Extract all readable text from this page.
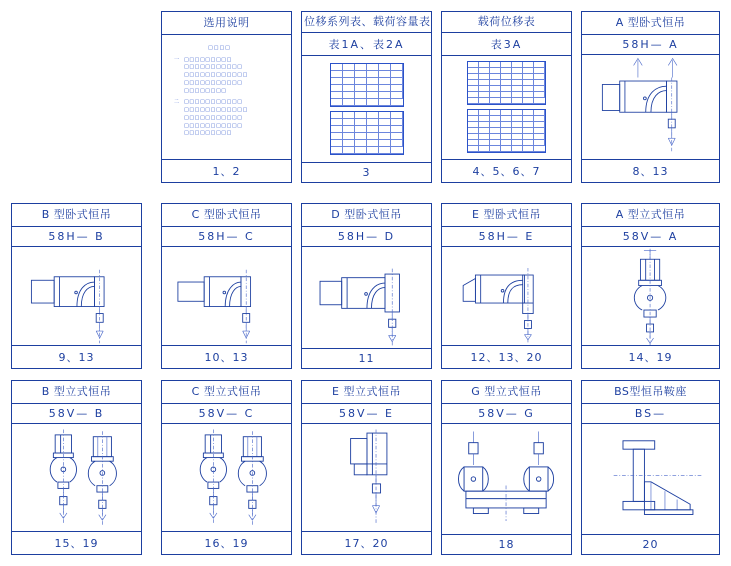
选用说明
□□□□
一 □□□□□□□□□
□□□□□□□□□□□
□□□□□□□□□□□□
□□□□□□□□□□□
□□□□□□□□
二 □□□□□□□□□□□
□□□□□□□□□□□□
□□□□□□□□□□□
□□□□□□□□□□□
□□□□□□□□□
1、2
位移系列表、载荷容量表
表1A、表2A
3
载荷位移表
表3A
4、5、6、7
A 型卧式恒吊
58H— A
8、13
B 型卧式恒吊
58H— B
9、13
C 型卧式恒吊
58H— C
10、13
D 型卧式恒吊
58H— D
11
E 型卧式恒吊
58H— E
12、13、20
A 型立式恒吊
58V— A
14、19
B 型立式恒吊
58V— B
15、19
C 型立式恒吊
58V— C
16、19
E 型立式恒吊
58V— E
17、20
G 型立式恒吊
58V— G
18
BS型恒吊鞍座
BS—
20
